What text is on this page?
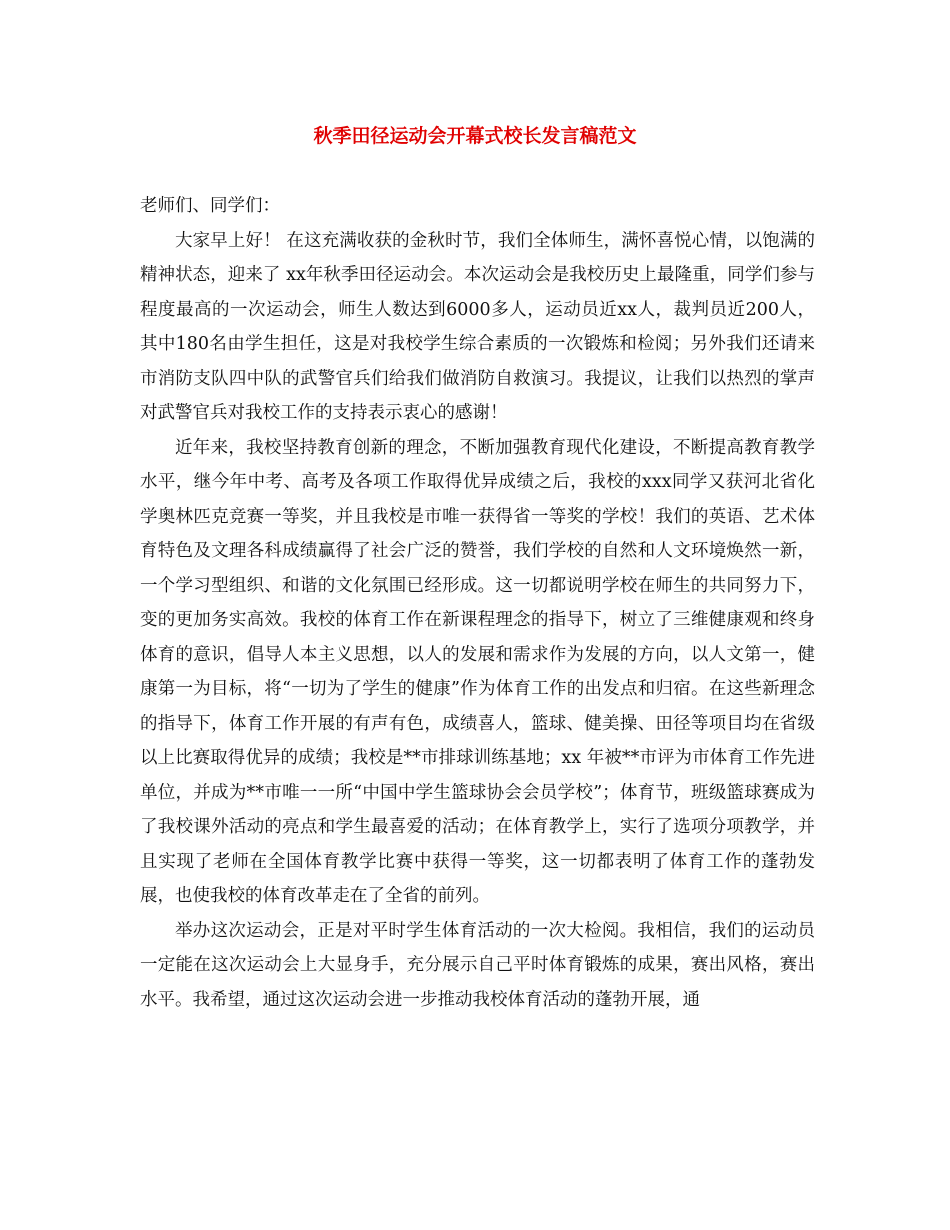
秋季田径运动会开幕式校长发言稿范文

老师们、同学们：

大家早上好！ 在这充满收获的金秋时节，我们全体师生，满怀喜悦心情，以饱满的精神状态，迎来了 xx年秋季田径运动会。本次运动会是我校历史上最隆重，同学们参与程度最高的一次运动会，师生人数达到6000多人，运动员近xx人，裁判员近200人，其中180名由学生担任，这是对我校学生综合素质的一次锻炼和检阅；另外我们还请来市消防支队四中队的武警官兵们给我们做消防自救演习。我提议，让我们以热烈的掌声对武警官兵对我校工作的支持表示衷心的感谢！

近年来，我校坚持教育创新的理念，不断加强教育现代化建设，不断提高教育教学水平，继今年中考、高考及各项工作取得优异成绩之后，我校的xxx同学又获河北省化学奥林匹克竞赛一等奖，并且我校是市唯一获得省一等奖的学校！我们的英语、艺术体育特色及文理各科成绩赢得了社会广泛的赞誉，我们学校的自然和人文环境焕然一新，一个学习型组织、和谐的文化氛围已经形成。这一切都说明学校在师生的共同努力下，变的更加务实高效。我校的体育工作在新课程理念的指导下，树立了三维健康观和终身体育的意识，倡导人本主义思想，以人的发展和需求作为发展的方向，以人文第一，健康第一为目标，将“一切为了学生的健康”作为体育工作的出发点和归宿。在这些新理念的指导下，体育工作开展的有声有色，成绩喜人，篮球、健美操、田径等项目均在省级以上比赛取得优异的成绩；我校是**市排球训练基地；xx 年被**市评为市体育工作先进单位，并成为**市唯一一所“中国中学生篮球协会会员学校”；体育节，班级篮球赛成为了我校课外活动的亮点和学生最喜爱的活动；在体育教学上，实行了选项分项教学，并且实现了老师在全国体育教学比赛中获得一等奖，这一切都表明了体育工作的蓬勃发展，也使我校的体育改革走在了全省的前列。

举办这次运动会，正是对平时学生体育活动的一次大检阅。我相信，我们的运动员一定能在这次运动会上大显身手，充分展示自己平时体育锻炼的成果，赛出风格，赛出水平。我希望，通过这次运动会进一步推动我校体育活动的蓬勃开展，通
